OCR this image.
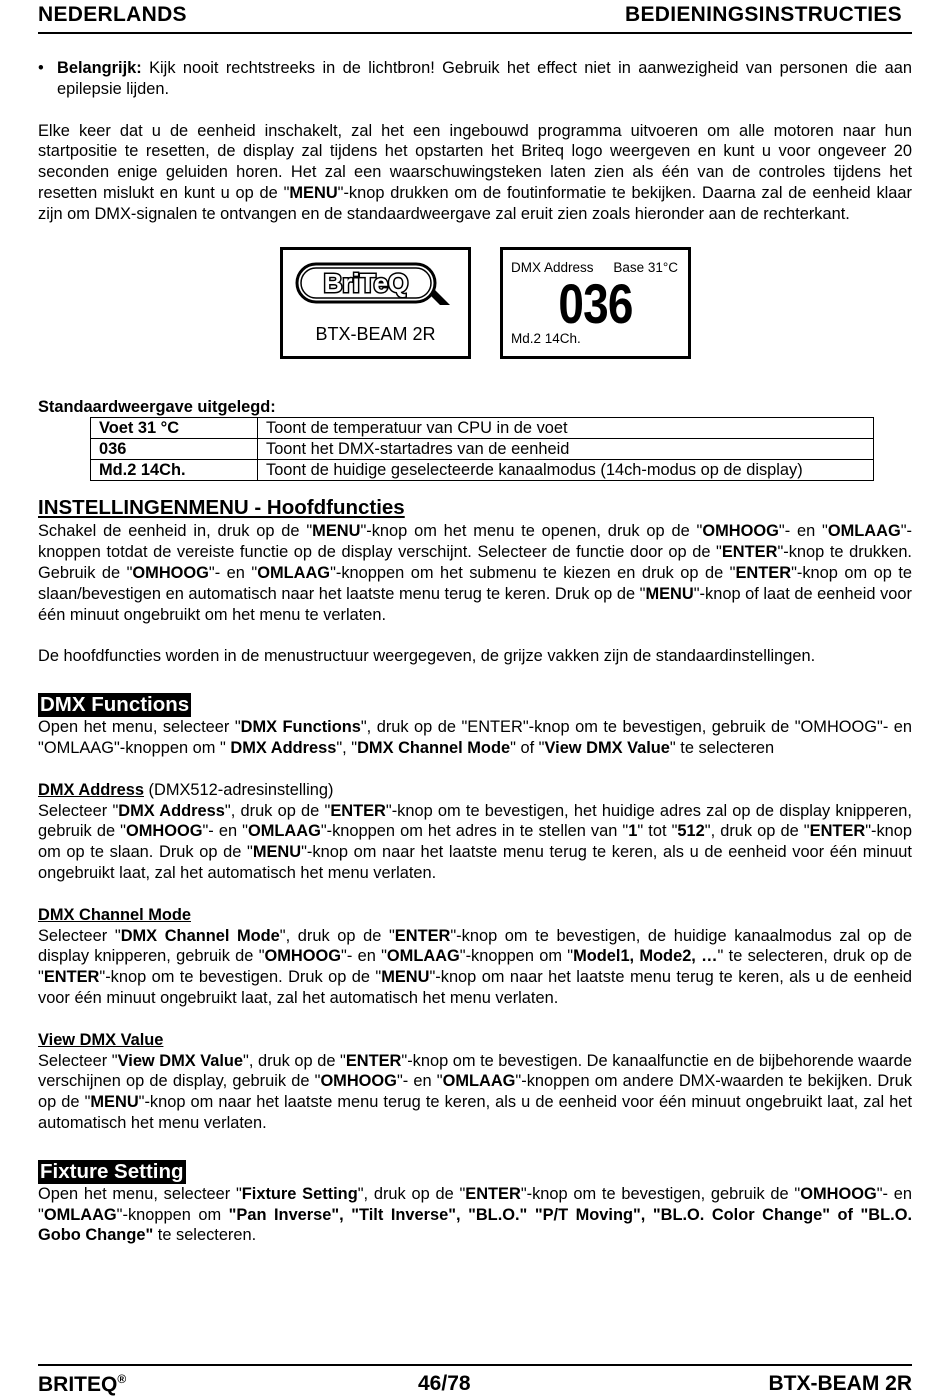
NEDERLANDS	BEDIENINGSINSTRUCTIES

• Belangrijk: Kijk nooit rechtstreeks in de lichtbron! Gebruik het effect niet in aanwezigheid van personen die aan epilepsie lijden.

Elke keer dat u de eenheid inschakelt, zal het een ingebouwd programma uitvoeren om alle motoren naar hun startpositie te resetten, de display zal tijdens het opstarten het Briteq logo weergeven en kunt u voor ongeveer 20 seconden enige geluiden horen. Het zal een waarschuwingsteken laten zien als één van de controles tijdens het resetten mislukt en kunt u op de "MENU"-knop drukken om de foutinformatie te bekijken. Daarna zal de eenheid klaar zijn om DMX-signalen te ontvangen en de standaardweergave zal eruit zien zoals hieronder aan de rechterkant.

BriTeQ
BTX-BEAM 2R
DMX Address Base 31°C
036
Md.2 14Ch.

Standaardweergave uitgelegd:

Voet 31 °C	Toont de temperatuur van CPU in de voet
036	Toont het DMX-startadres van de eenheid
Md.2 14Ch.	Toont de huidige geselecteerde kanaalmodus (14ch-modus op de display)
INSTELLINGENMENU - Hoofdfuncties

Schakel de eenheid in, druk op de "MENU"-knop om het menu te openen, druk op de "OMHOOG"- en "OMLAAG"-knoppen totdat de vereiste functie op de display verschijnt. Selecteer de functie door op de "ENTER"-knop te drukken. Gebruik de "OMHOOG"- en "OMLAAG"-knoppen om het submenu te kiezen en druk op de "ENTER"-knop om op te slaan/bevestigen en automatisch naar het laatste menu terug te keren. Druk op de "MENU"-knop of laat de eenheid voor één minuut ongebruikt om het menu te verlaten.

De hoofdfuncties worden in de menustructuur weergegeven, de grijze vakken zijn de standaardinstellingen.

DMX Functions

Open het menu, selecteer "DMX Functions", druk op de "ENTER"-knop om te bevestigen, gebruik de "OMHOOG"- en "OMLAAG"-knoppen om " DMX Address", "DMX Channel Mode" of "View DMX Value" te selecteren

DMX Address (DMX512-adresinstelling)

Selecteer "DMX Address", druk op de "ENTER"-knop om te bevestigen, het huidige adres zal op de display knipperen, gebruik de "OMHOOG"- en "OMLAAG"-knoppen om het adres in te stellen van "1" tot "512", druk op de "ENTER"-knop om op te slaan. Druk op de "MENU"-knop om naar het laatste menu terug te keren, als u de eenheid voor één minuut ongebruikt laat, zal het automatisch het menu verlaten.

DMX Channel Mode

Selecteer "DMX Channel Mode", druk op de "ENTER"-knop om te bevestigen, de huidige kanaalmodus zal op de display knipperen, gebruik de "OMHOOG"- en "OMLAAG"-knoppen om "Model1, Mode2, …" te selecteren, druk op de "ENTER"-knop om te bevestigen. Druk op de "MENU"-knop om naar het laatste menu terug te keren, als u de eenheid voor één minuut ongebruikt laat, zal het automatisch het menu verlaten.

View DMX Value

Selecteer "View DMX Value", druk op de "ENTER"-knop om te bevestigen. De kanaalfunctie en de bijbehorende waarde verschijnen op de display, gebruik de "OMHOOG"- en "OMLAAG"-knoppen om andere DMX-waarden te bekijken. Druk op de "MENU"-knop om naar het laatste menu terug te keren, als u de eenheid voor één minuut ongebruikt laat, zal het automatisch het menu verlaten.

Fixture Setting

Open het menu, selecteer "Fixture Setting", druk op de "ENTER"-knop om te bevestigen, gebruik de "OMHOOG"- en "OMLAAG"-knoppen om "Pan Inverse", "Tilt Inverse", "BL.O." "P/T Moving", "BL.O. Color Change" of "BL.O. Gobo Change" te selecteren.

BRITEQ®	46/78	BTX-BEAM 2R
